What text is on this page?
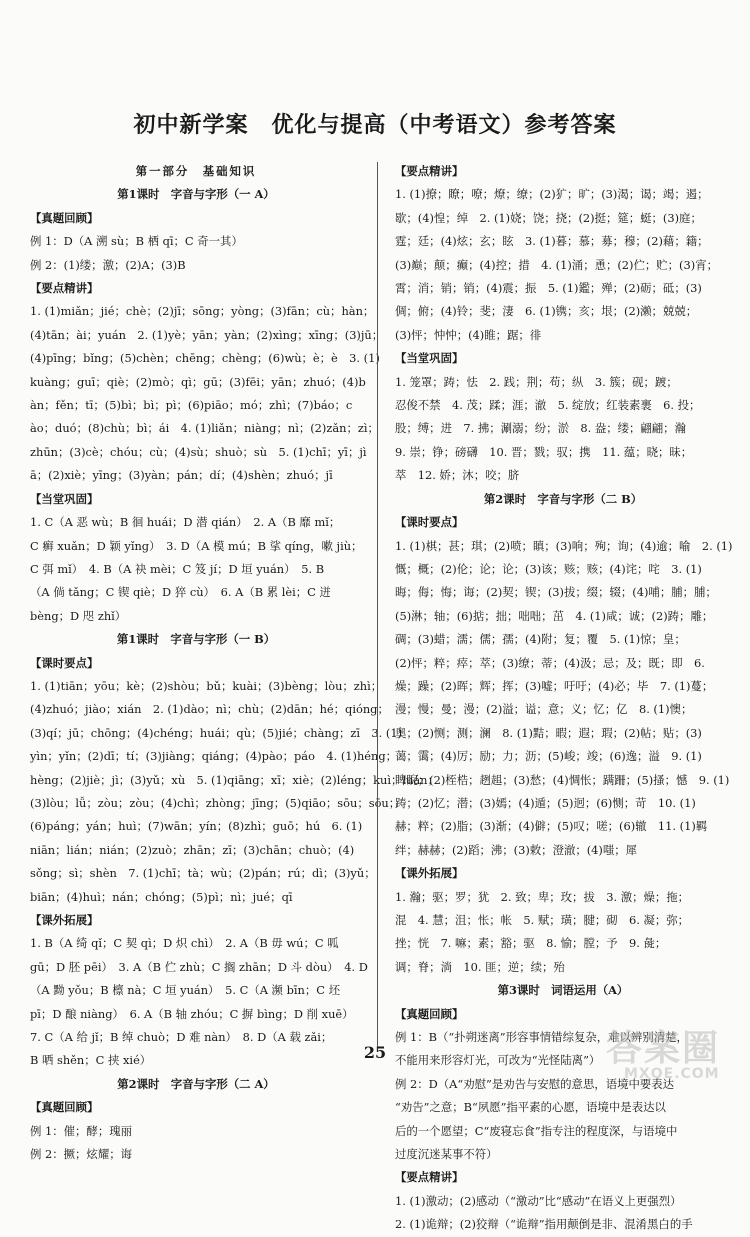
初中新学案　优化与提高（中考语文）参考答案
第一部分　基础知识
第1课时　字音与字形（一 A）
【真题回顾】
例 1：D（A 溯 sù；B 栖 qī；C 奇一其）
例 2：(1)缕；激；(2)A；(3)B
【要点精讲】
1. (1)miǎn；jié；chè；(2)jī；sōng；yòng；(3)fān；cù；hàn；
(4)tān；ài；yuán　2. (1)yè；yān；yàn；(2)xìng；xīng；(3)jū；
(4)pīng；bǐng；(5)chèn；chēng；chèng；(6)wù；è；è　3. (1)
kuàng；guī；qiè；(2)mò；qì；gū；(3)fēi；yān；zhuó；(4)b
àn；fěn；tī；(5)bì；bì；pì；(6)piāo；mó；zhì；(7)báo；c
ào；duó；(8)chù；bì；ái　4. (1)liǎn；niàng；nì；(2)zǎn；zì；
zhūn；(3)cè；chóu；cù；(4)sù；shuò；sù　5. (1)chī；yī；jì
ā；(2)xiè；yīng；(3)yàn；pán；dí；(4)shèn；zhuó；jī
【当堂巩固】
1. C（A 恶 wù；B 徊 huái；D 潜 qián）　2. A（B 靡 mǐ；
C 癣 xuǎn；D 颖 yǐng）　3. D（A 模 mú；B 挲 qíng，嗽 jiù；
C 弭 mǐ）　4. B（A 袂 mèi；C 笈 jí；D 垣 yuán）　5. B
（A 倘 tǎng；C 锲 qiè；D 猝 cù）　6. A（B 累 lèi；C 迸
bèng；D 咫 zhǐ）
第1课时　字音与字形（一 B）
【课时要点】
1. (1)tiān；yōu；kè；(2)shòu；bǔ；kuài；(3)bèng；lòu；zhì；
(4)zhuó；jiào；xián　2. (1)dào；nì；chù；(2)dān；hé；qióng；
(3)qí；jū；chōng；(4)chéng；huái；qù；(5)jié；chàng；zī　3. (1)
yìn；yǐn；(2)dī；tí；(3)jiàng；qiáng；(4)pào；páo　4. (1)héng；
hèng；(2)jiè；jì；(3)yǔ；xù　5. (1)qiāng；xī；xiè；(2)léng；kuì；luán；
(3)lòu；lǚ；zòu；zòu；(4)chì；zhòng；jīng；(5)qiāo；sōu；sōu；
(6)páng；yán；huì；(7)wān；yín；(8)zhì；guō；hú　6. (1)
niān；lián；nián；(2)zuò；zhān；zī；(3)chān；chuò；(4)
sǒng；sì；shèn　7. (1)chī；tà；wù；(2)pán；rú；dì；(3)yǔ；
biān；(4)huì；nán；chóng；(5)pì；nì；jué；qī
【课外拓展】
1. B（A 绮 qǐ；C 契 qì；D 炽 chì）　2. A（B 毋 wú；C 呱
gū；D 胚 pēi）　3. A（B 伫 zhù；C 搁 zhān；D 斗 dòu）　4. D
（A 黝 yǒu；B 檩 nà；C 垣 yuán）　5. C（A 濒 bīn；C 坯
pī；D 酿 niàng）　6. A（B 轴 zhóu；C 摒 bìng；D 削 xuē）
7. C（A 给 jǐ；B 绰 chuò；D 难 nàn）　8. D（A 载 zǎi；
B 哂 shěn；C 挟 xié）
第2课时　字音与字形（二 A）
【真题回顾】
例 1：催；酵；瑰丽
例 2：撅；炫耀；诲
【要点精讲】
1. (1)撩；瞭；嘹；燎；缭；(2)犷；旷；(3)渴；谒；竭；遏；
歇；(4)惶；绰　2. (1)娆；饶；挠；(2)挺；筵；蜓；(3)庭；
霆；廷；(4)炫；玄；眩　3. (1)暮；慕；募；穆；(2)藉；籍；
(3)巅；颠；癫；(4)控；措　4. (1)涌；恿；(2)伫；贮；(3)宵；
霄；消；销；销；(4)震；振　5. (1)鑑；殚；(2)砺；砥；(3)
倜；俯；(4)铃；斐；淒　6. (1)镌；亥；垠；(2)濑；兢兢；
(3)怦；忡忡；(4)睢；踞；徘
【当堂巩固】
1. 笼罩；踌；怯　2. 践；荆；苟；纵　3. 簇；砚；踱；
忍俊不禁　4. 茂；蹂；涯；澈　5. 绽放；红装素裹　6. 投；
股；缚；进　7. 拂；涮溺；纷；淤　8. 盎；缕；翩翩；瀚
9. 崇；铮；磅礴　10. 晋；戮；驭；携　11. 蕴；晓；昧；
萃　12. 娇；沐；咬；脐
第2课时　字音与字形（二 B）
【课时要点】
1. (1)棋；甚；琪；(2)喷；瞋；(3)响；殉；询；(4)逾；喻　2. (1)
慨；概；(2)伦；论；论；(3)该；赅；赅；(4)诧；咤　3. (1)
晦；侮；悔；诲；(2)契；锲；(3)拔；缀；辍；(4)哺；脯；脯；
(5)淋；轴；(6)掂；拙；咄咄；茁　4. (1)咸；诚；(2)踌；雕；
碉；(3)蜡；濡；儒；孺；(4)附；复；覆　5. (1)惊；皇；
(2)怦；粹；瘁；萃；(3)缭；蒂；(4)汲；忌；及；既；即　6.
燥；躁；(2)晖；辉；挥；(3)嘘；吁吁；(4)必；毕　7. (1)蔓；
漫；慢；曼；漫；(2)溢；谥；意；义；忆；亿　8. (1)懊；
奥；(2)恻；测；澜　8. (1)黠；暇；遐；瑕；(2)帖；贴；(3)
蔼；霭；(4)厉；励；力；沥；(5)峻；竣；(6)逸；溢　9. (1)
睥睨；(2)桎梏；趔趄；(3)愁；(4)惆怅；蹒跚；(5)搔；憾　9. (1)
踌；(2)忆；潜；(3)嫣；(4)遁；(5)迥；(6)恻；苛　10. (1)
赫；粹；(2)脂；(3)渐；(4)僻；(5)叹；嗟；(6)辙　11. (1)羁
绊；赫赫；(2)蹈；沸；(3)敕；澄澈；(4)嗤；犀
【课外拓展】
1. 瀚；驱；罗；犹　2. 致；卑；玫；拔　3. 激；燥；拖；
混　4. 慧；沮；怅；帐　5. 赋；璜；腱；砌　6. 凝；弥；
挫；恍　7. 嘛；素；豁；驱　8. 愉；膛；予　9. 彘；
调；脊；淌　10. 匪；逆；续；殆
第3课时　词语运用（A）
【真题回顾】
例 1：B（“扑朔迷离”形容事情错综复杂，难以辨别清楚，
不能用来形容灯光，可改为“光怪陆离”）
例 2：D（A“劝慰”是劝告与安慰的意思，语境中要表达
“劝告”之意；B“夙愿”指平素的心愿，语境中是表达以
后的一个愿望；C“废寝忘食”指专注的程度深，与语境中
过度沉迷某事不符）
【要点精讲】
1. (1)激动；(2)感动（“激动”比“感动”在语义上更强烈）
2. (1)诡辩；(2)狡辩（“诡辩”指用颠倒是非、混淆黑白的手
25	答案圈
MXQE.COM
